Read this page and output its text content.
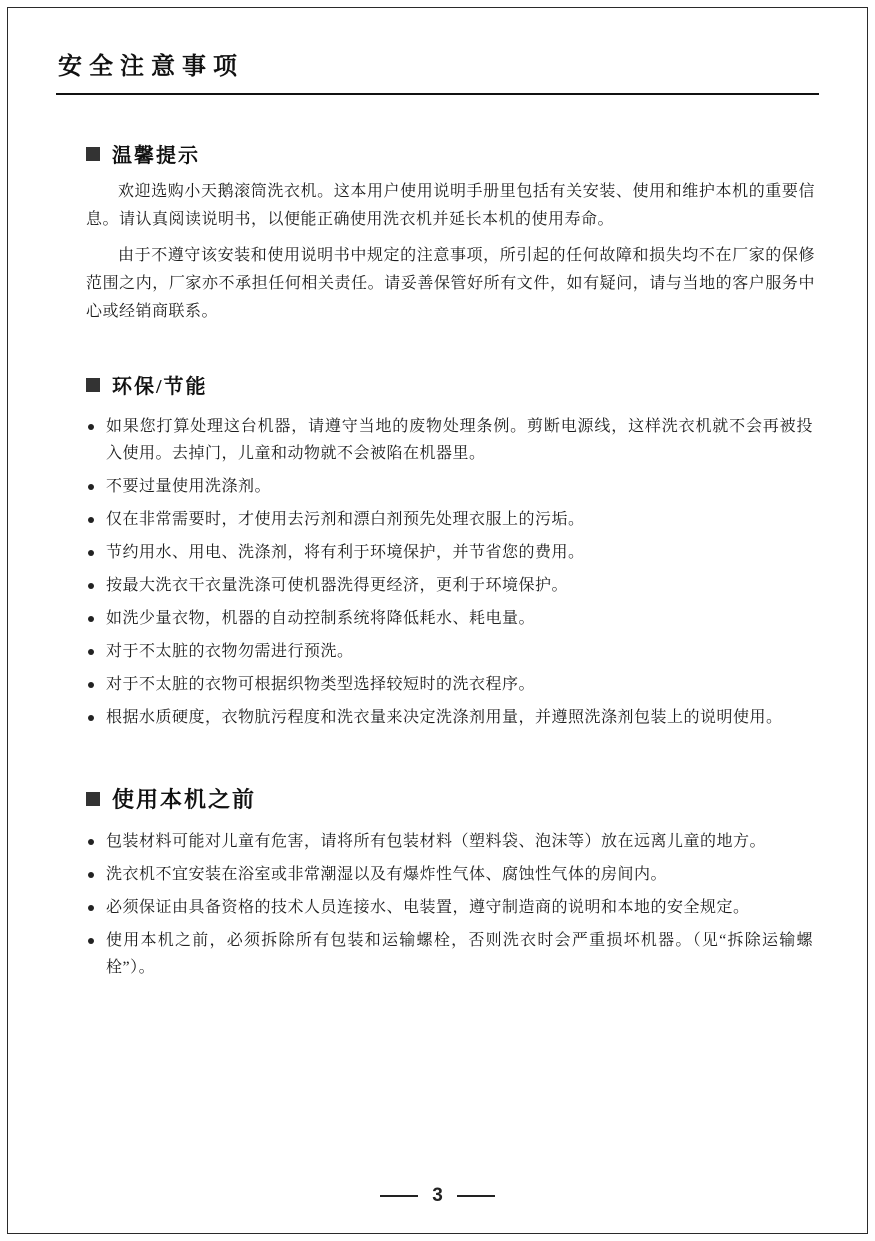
安全注意事项
温馨提示

欢迎选购小天鹅滚筒洗衣机。这本用户使用说明手册里包括有关安装、使用和维护本机的重要信息。请认真阅读说明书，以便能正确使用洗衣机并延长本机的使用寿命。

由于不遵守该安装和使用说明书中规定的注意事项，所引起的任何故障和损失均不在厂家的保修范围之内，厂家亦不承担任何相关责任。请妥善保管好所有文件，如有疑问，请与当地的客户服务中心或经销商联系。

环保/节能
如果您打算处理这台机器，请遵守当地的废物处理条例。剪断电源线，这样洗衣机就不会再被投入使用。去掉门，儿童和动物就不会被陷在机器里。
不要过量使用洗涤剂。
仅在非常需要时，才使用去污剂和漂白剂预先处理衣服上的污垢。
节约用水、用电、洗涤剂，将有利于环境保护，并节省您的费用。
按最大洗衣干衣量洗涤可使机器洗得更经济，更利于环境保护。
如洗少量衣物，机器的自动控制系统将降低耗水、耗电量。
对于不太脏的衣物勿需进行预洗。
对于不太脏的衣物可根据织物类型选择较短时的洗衣程序。
根据水质硬度，衣物肮污程度和洗衣量来决定洗涤剂用量，并遵照洗涤剂包装上的说明使用。
使用本机之前
包装材料可能对儿童有危害，请将所有包装材料（塑料袋、泡沫等）放在远离儿童的地方。
洗衣机不宜安装在浴室或非常潮湿以及有爆炸性气体、腐蚀性气体的房间内。
必须保证由具备资格的技术人员连接水、电装置，遵守制造商的说明和本地的安全规定。
使用本机之前，必须拆除所有包装和运输螺栓，否则洗衣时会严重损坏机器。（见“拆除运输螺栓”）。
3
